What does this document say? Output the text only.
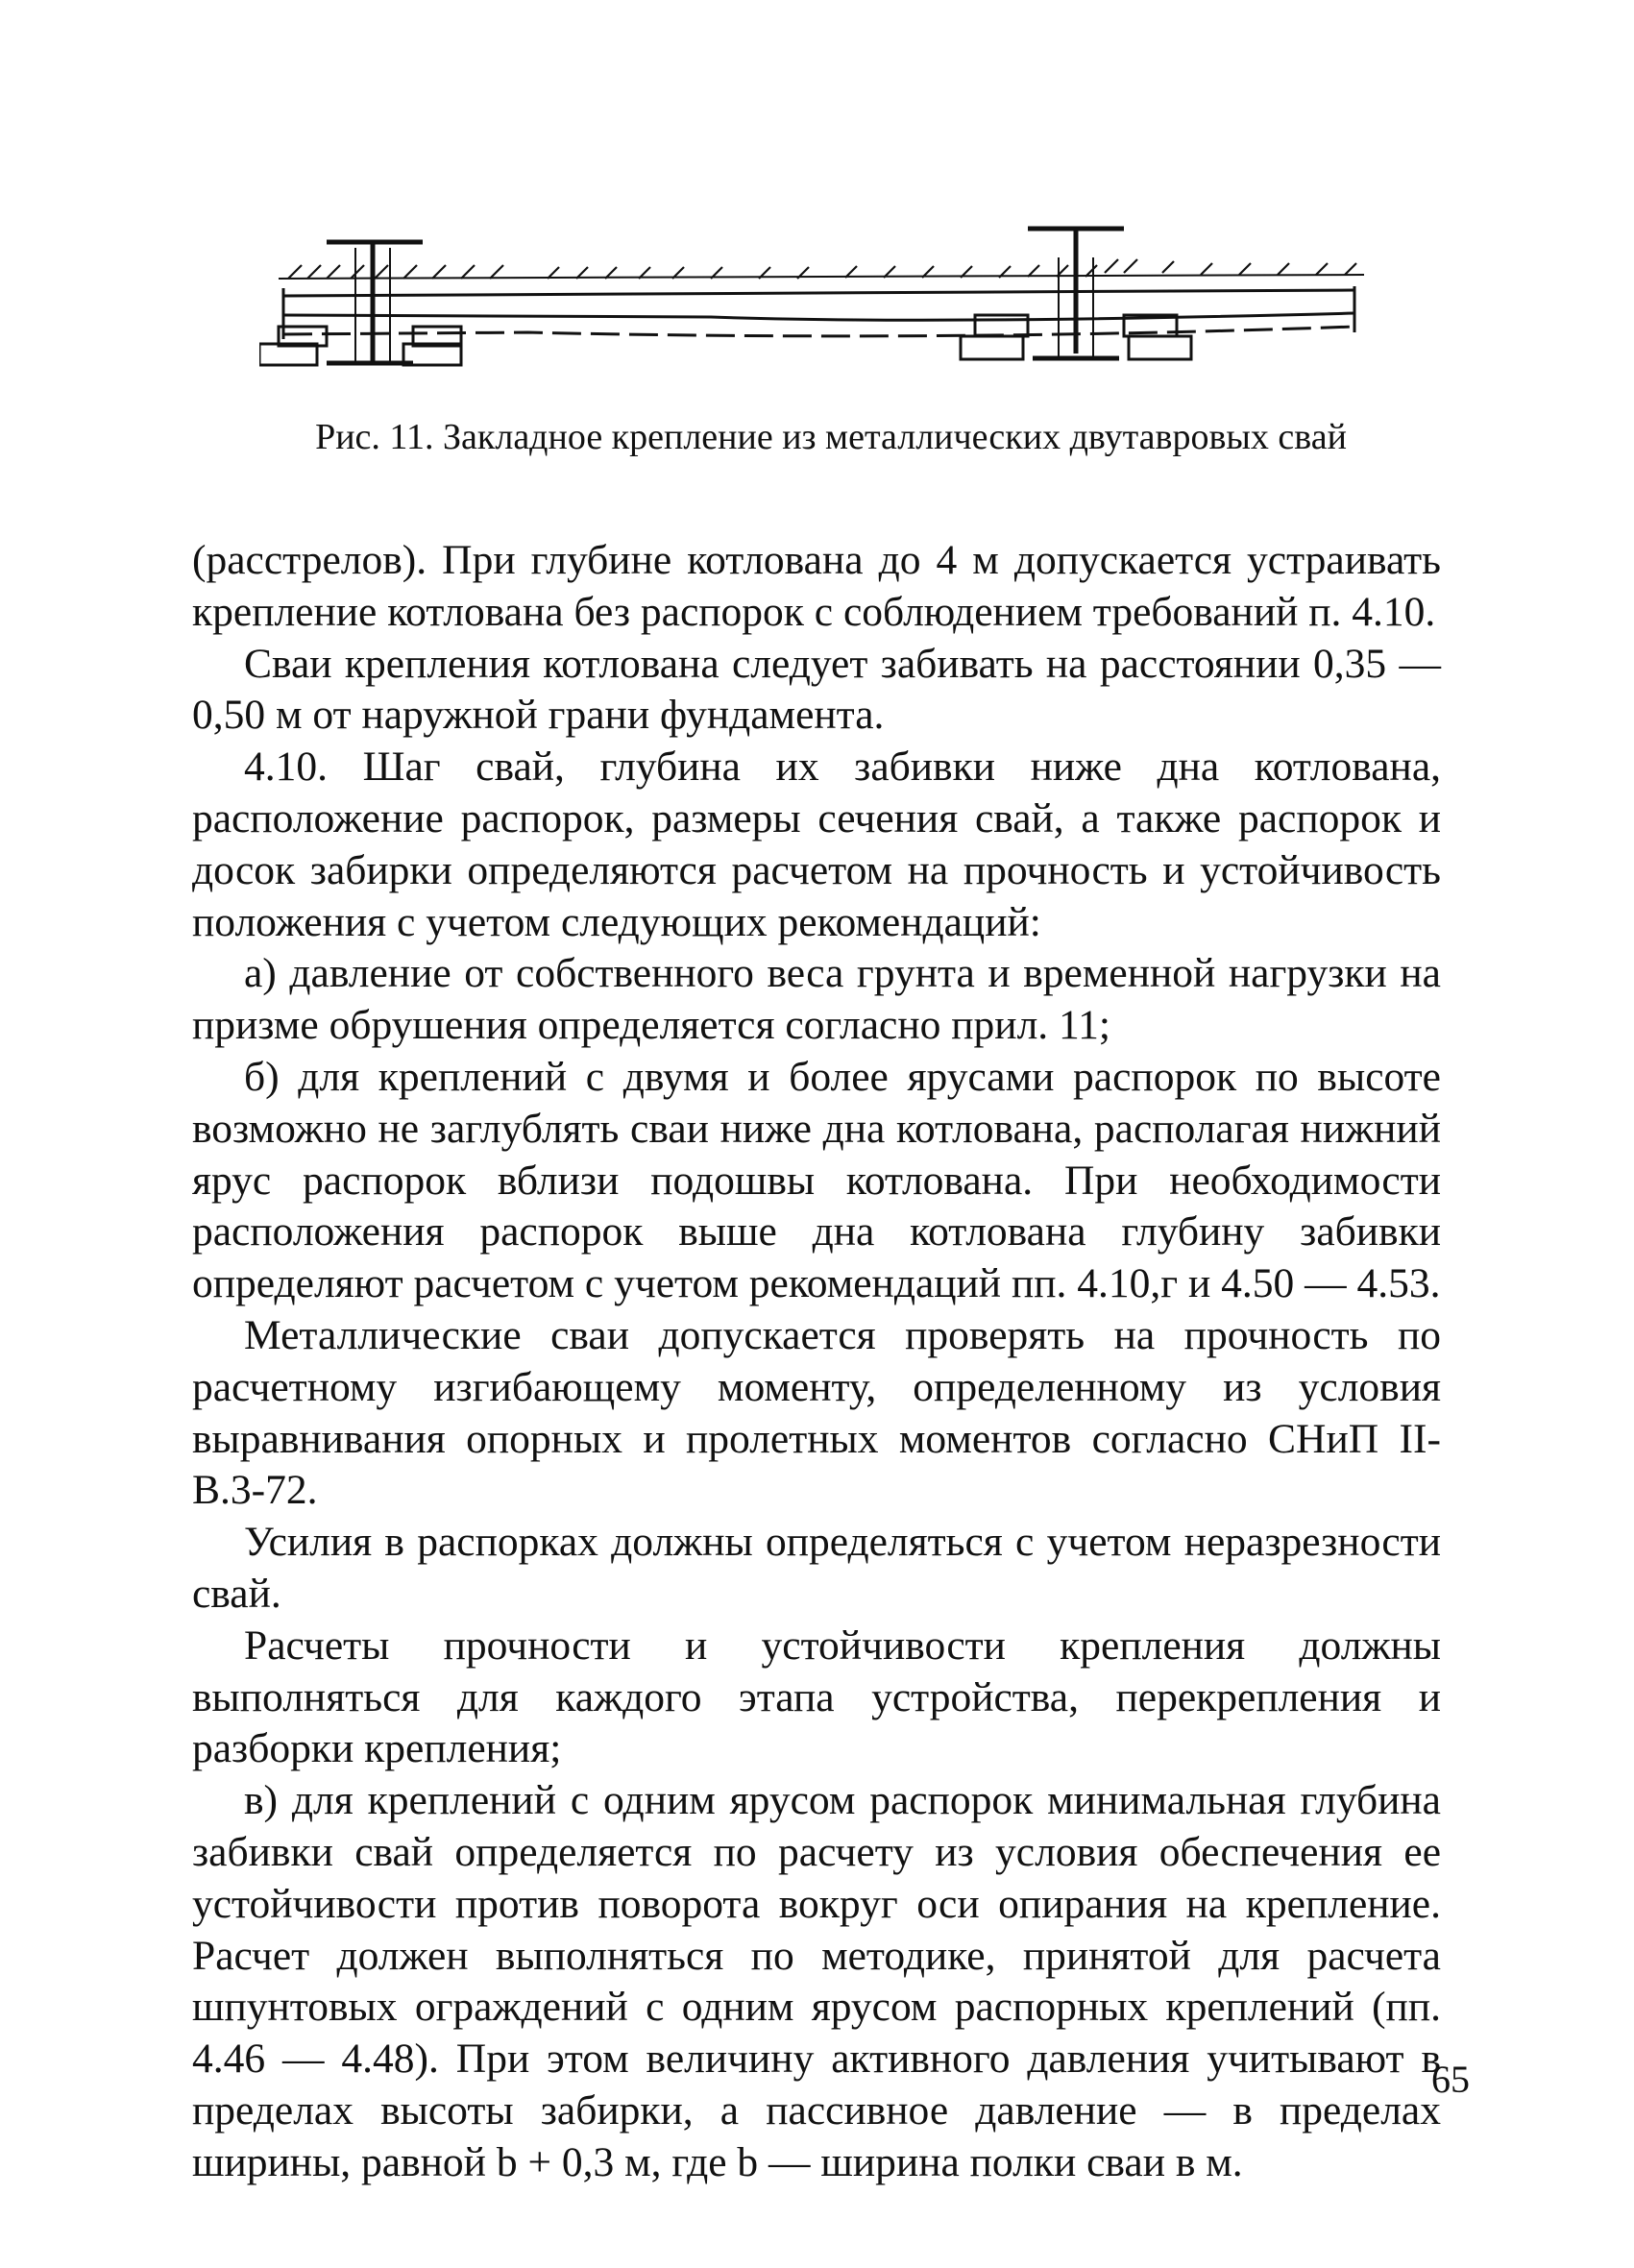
Рис. 11. Закладное крепление из металлических двутавровых свай

(расстрелов). При глубине котлована до 4 м допускается устраивать крепление котлована без распорок с соблюдением требований п. 4.10.

Сваи крепления котлована следует забивать на расстоянии 0,35 — 0,50 м от наружной грани фундамента.

4.10. Шаг свай, глубина их забивки ниже дна котлована, расположение распорок, размеры сечения свай, а также распорок и досок забирки определяются расчетом на прочность и устойчивость положения с учетом следующих рекомендаций:

а) давление от собственного веса грунта и временной нагрузки на призме обрушения определяется согласно прил. 11;

б) для креплений с двумя и более ярусами распорок по высоте возможно не заглублять сваи ниже дна котлована, располагая нижний ярус распорок вблизи подошвы котлована. При необходимости расположения распорок выше дна котлована глубину забивки определяют расчетом с учетом рекомендаций пп. 4.10,г и 4.50 — 4.53.

Металлические сваи допускается проверять на прочность по расчетному изгибающему моменту, определенному из условия выравнивания опорных и пролетных моментов согласно СНиП II-В.3-72.

Усилия в распорках должны определяться с учетом неразрезности свай.

Расчеты прочности и устойчивости крепления должны выполняться для каждого этапа устройства, перекрепления и разборки крепления;

в) для креплений с одним ярусом распорок минимальная глубина забивки свай определяется по расчету из условия обеспечения ее устойчивости против поворота вокруг оси опирания на крепление. Расчет должен выполняться по методике, принятой для расчета шпунтовых ограждений с одним ярусом распорных креплений (пп. 4.46 — 4.48). При этом величину активного давления учитывают в пределах высоты забирки, а пассивное давление — в пределах ширины, равной b + 0,3 м, где b — ширина полки сваи в м.

65
